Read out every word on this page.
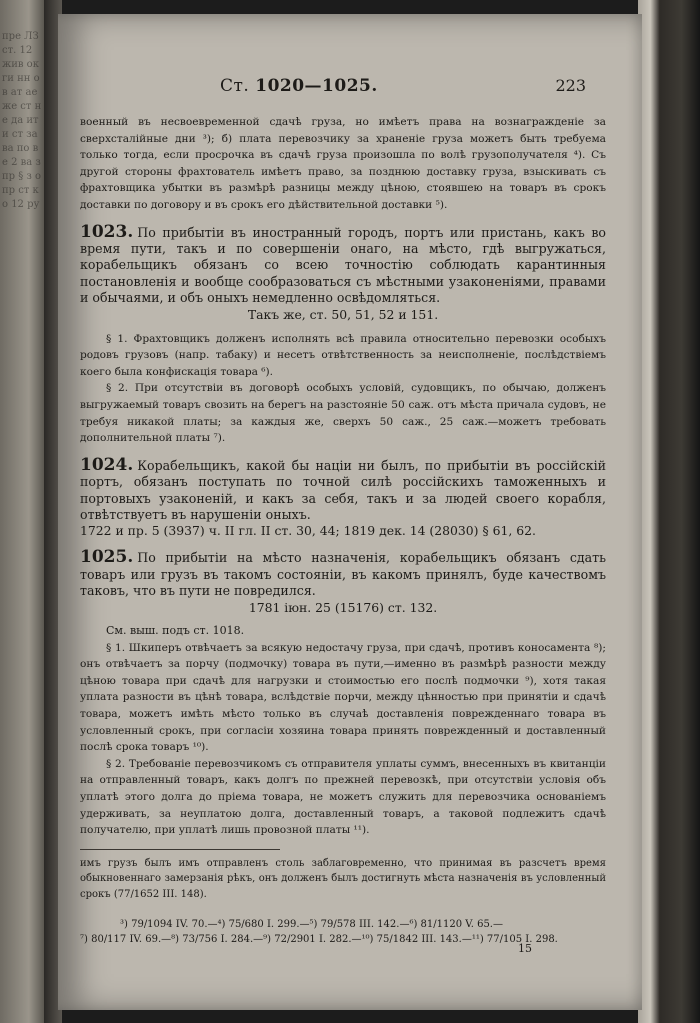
пре ЛЗ ст. 12 жив ок ги нн ов ат ае же ст не да ит и ст за ва по ве 2 ва з пр § з о пр ст ко 12 ру
Ст. 1020—1025.	223

военный въ несвоевременной сдачѣ груза, но имѣетъ права на вознагражденіе за сверхсталійные дни ³); б) плата перевозчику за храненіе груза можетъ быть требуема только тогда, если просрочка въ сдачѣ груза произошла по волѣ грузополучателя ⁴). Съ другой стороны фрахтователь имѣетъ право, за позднюю доставку груза, взыскивать съ фрахтовщика убытки въ размѣрѣ разницы между цѣною, стоявшею на товаръ въ срокъ доставки по договору и въ срокъ его дѣйствительной доставки ⁵).

1023. По прибытіи въ иностранный городъ, портъ или пристань, какъ во время пути, такъ и по совершеніи онаго, на мѣсто, гдѣ выгружаться, корабельщикъ обязанъ со всею точностію соблюдать карантинныя постановленія и вообще сообразоваться съ мѣстными узаконеніями, правами и обычаями, и объ оныхъ немедленно освѣдомляться.

Такъ же, ст. 50, 51, 52 и 151.

§ 1. Фрахтовщикъ долженъ исполнять всѣ правила относительно перевозки особыхъ родовъ грузовъ (напр. табаку) и несетъ отвѣтственность за неисполненіе, послѣдствіемъ коего была конфискація товара ⁶).

§ 2. При отсутствіи въ договорѣ особыхъ условій, судовщикъ, по обычаю, долженъ выгружаемый товаръ свозить на берегъ на разстояніе 50 саж. отъ мѣста причала судовъ, не требуя никакой платы; за каждыя же, сверхъ 50 саж., 25 саж.—можетъ требовать дополнительной платы ⁷).

1024. Корабельщикъ, какой бы націи ни былъ, по прибытіи въ россійскій портъ, обязанъ поступать по точной силѣ россійскихъ таможенныхъ и портовыхъ узаконеній, и какъ за себя, такъ и за людей своего корабля, отвѣтствуетъ въ нарушеніи оныхъ.

1722 и пр. 5 (3937) ч. II гл. II ст. 30, 44; 1819 дек. 14 (28030) § 61, 62.

1025. По прибытіи на мѣсто назначенія, корабельщикъ обязанъ сдать товаръ или грузъ въ такомъ состояніи, въ какомъ принялъ, буде качествомъ таковъ, что въ пути не повредился.

1781 іюн. 25 (15176) ст. 132.

См. выш. подъ ст. 1018.

§ 1. Шкиперъ отвѣчаетъ за всякую недостачу груза, при сдачѣ, противъ коносамента ⁸); онъ отвѣчаетъ за порчу (подмочку) товара въ пути,—именно въ размѣрѣ разности между цѣною товара при сдачѣ для нагрузки и стоимостью его послѣ подмочки ⁹), хотя такая уплата разности въ цѣнѣ товара, вслѣдствіе порчи, между цѣнностью при принятіи и сдачѣ товара, можетъ имѣть мѣсто только въ случаѣ доставленія поврежденнаго товара въ условленный срокъ, при согласіи хозяина товара принять поврежденный и доставленный послѣ срока товаръ ¹⁰).

§ 2. Требованіе перевозчикомъ съ отправителя уплаты суммъ, внесенныхъ въ квитанціи на отправленный товаръ, какъ долгъ по прежней перевозкѣ, при отсутствіи условія объ уплатѣ этого долга до пріема товара, не можетъ служить для перевозчика основаніемъ удерживать, за неуплатою долга, доставленный товаръ, а таковой подлежитъ сдачѣ получателю, при уплатѣ лишь провозной платы ¹¹).

имъ грузъ былъ имъ отправленъ столь заблаговременно, что принимая въ разсчетъ время обыкновеннаго замерзанія рѣкъ, онъ долженъ былъ достигнуть мѣста назначенія въ условленный срокъ (77/1652 III. 148).

³) 79/1094 IV. 70.—⁴) 75/680 I. 299.—⁵) 79/578 III. 142.—⁶) 81/1120 V. 65.—
⁷) 80/117 IV. 69.—⁸) 73/756 I. 284.—⁹) 72/2901 I. 282.—¹⁰) 75/1842 III. 143.—¹¹) 77/105 I. 298.
15
